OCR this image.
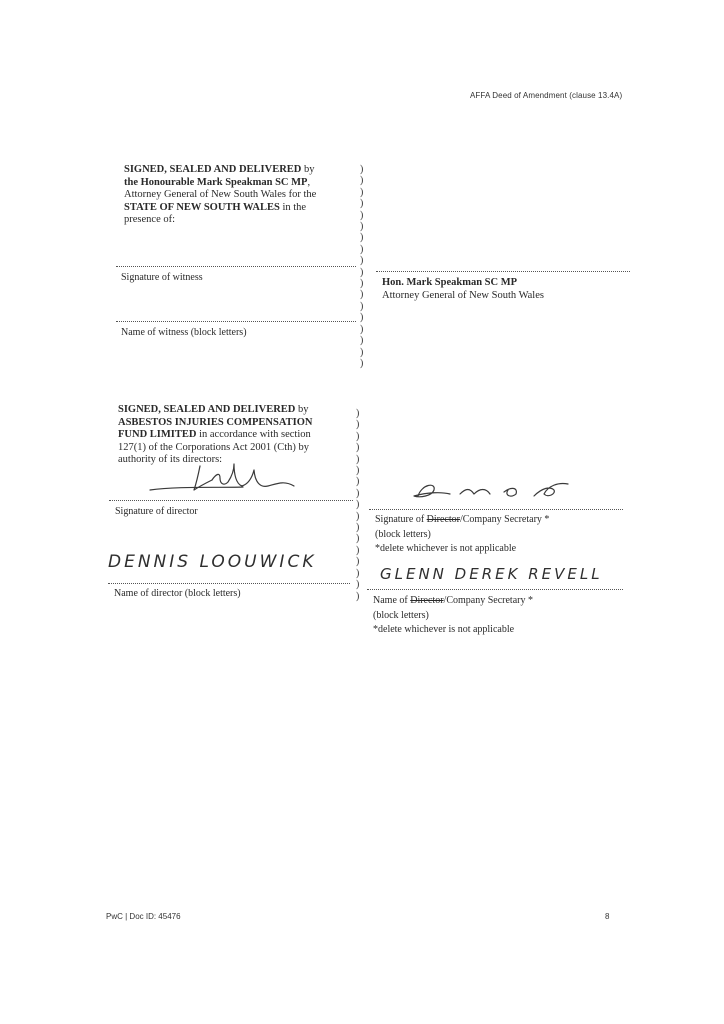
AFFA Deed of Amendment (clause 13.4A)
SIGNED, SEALED AND DELIVERED by
the Honourable Mark Speakman SC MP,
Attorney General of New South Wales for the
STATE OF NEW SOUTH WALES in the
presence of:
)
)
)
)
)
)
)
)
)
)
)
)
)
)
)
)
)
)
Signature of witness
Name of witness (block letters)
Hon. Mark Speakman SC MP
Attorney General of New South Wales
SIGNED, SEALED AND DELIVERED by
ASBESTOS INJURIES COMPENSATION
FUND LIMITED in accordance with section
127(1) of the Corporations Act 2001 (Cth) by
authority of its directors:
)
)
)
)
)
)
)
)
)
)
)
)
)
)
)
)
)
Signature of director
DENNIS LOOUWICK
Name of director (block letters)
Signature of Director/Company Secretary *
(block letters)
*delete whichever is not applicable
GLENN DEREK REVELL
Name of Director/Company Secretary *
(block letters)
*delete whichever is not applicable
PwC | Doc ID: 45476	8
